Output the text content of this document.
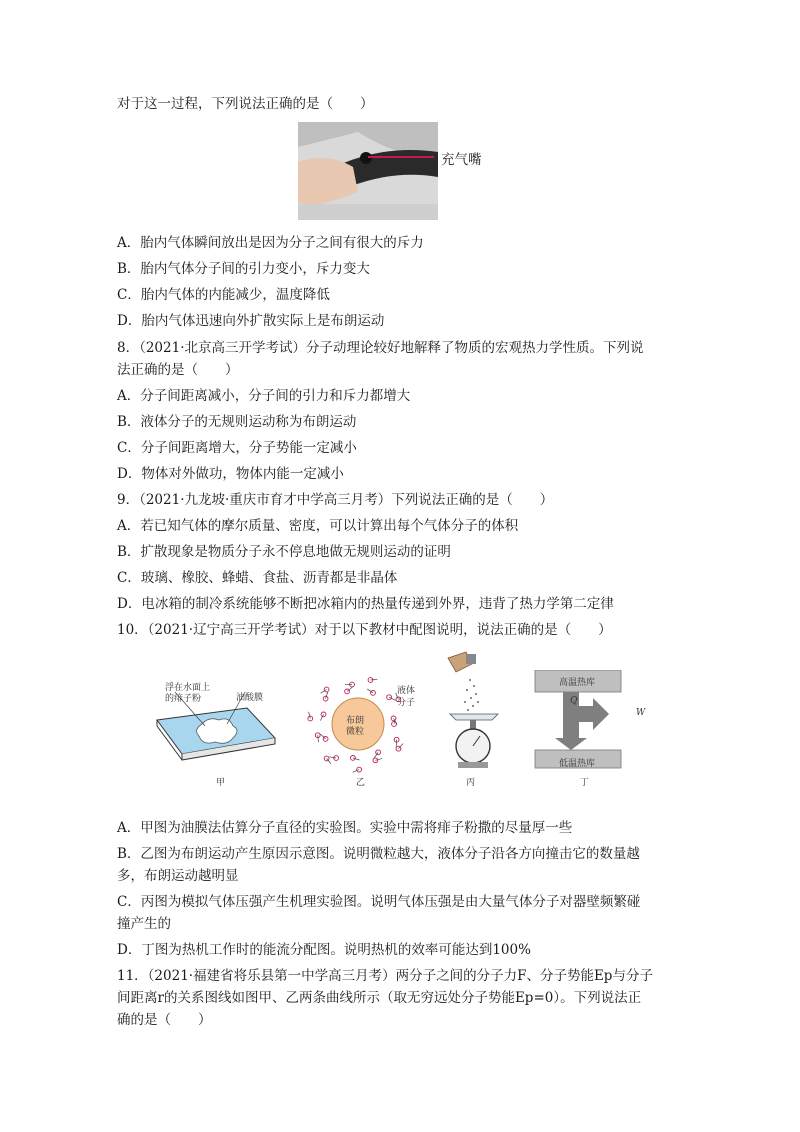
对于这一过程，下列说法正确的是（　　）
充气嘴
A．胎内气体瞬间放出是因为分子之间有很大的斥力
B．胎内气体分子间的引力变小，斥力变大
C．胎内气体的内能减少，温度降低
D．胎内气体迅速向外扩散实际上是布朗运动
8．（2021·北京高三开学考试）分子动理论较好地解释了物质的宏观热力学性质。下列说
法正确的是（　　）
A．分子间距离减小，分子间的引力和斥力都增大
B．液体分子的无规则运动称为布朗运动
C．分子间距离增大，分子势能一定减小
D．物体对外做功，物体内能一定减小
9．（2021·九龙坡·重庆市育才中学高三月考）下列说法正确的是（　　）
A．若已知气体的摩尔质量、密度，可以计算出每个气体分子的体积
B．扩散现象是物质分子永不停息地做无规则运动的证明
C．玻璃、橡胶、蜂蜡、食盐、沥青都是非晶体
D．电冰箱的制冷系统能够不断把冰箱内的热量传递到外界，违背了热力学第二定律
10．（2021·辽宁高三开学考试）对于以下教材中配图说明，说法正确的是（　　）
浮在水面上
的痱子粉	油酸膜
甲
布朗
微粒
液体
分子
乙	丙
高温热库
低温热库
Q
W
丁
A．甲图为油膜法估算分子直径的实验图。实验中需将痱子粉撒的尽量厚一些
B．乙图为布朗运动产生原因示意图。说明微粒越大，液体分子沿各方向撞击它的数量越
多，布朗运动越明显
C．丙图为模拟气体压强产生机理实验图。说明气体压强是由大量气体分子对器壁频繁碰
撞产生的
D．丁图为热机工作时的能流分配图。说明热机的效率可能达到100%
11．（2021·福建省将乐县第一中学高三月考）两分子之间的分子力F、分子势能Ep与分子
间距离r的关系图线如图甲、乙两条曲线所示（取无穷远处分子势能Ep=0）。下列说法正
确的是（　　）
